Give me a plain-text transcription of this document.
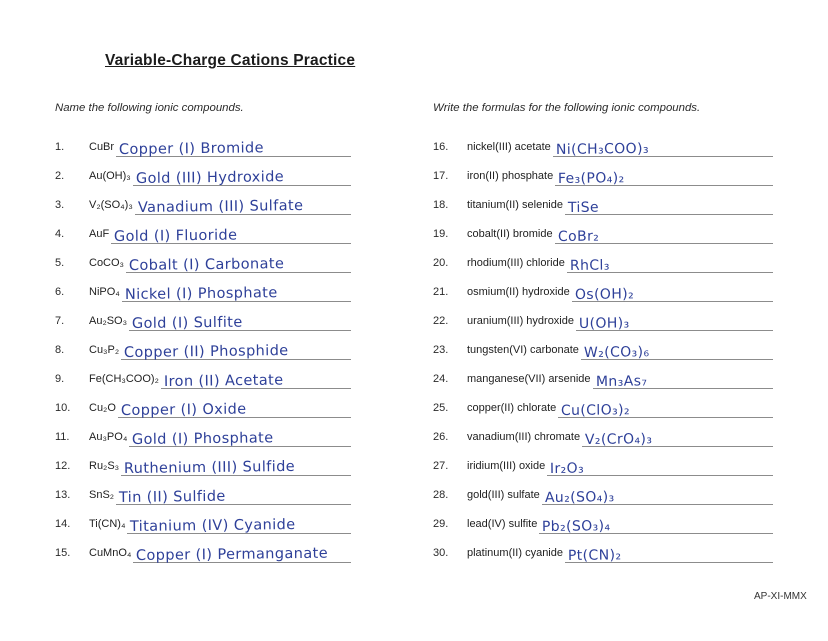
Variable-Charge Cations Practice
Name the following ionic compounds.	Write the formulas for the following ionic compounds.
1.	CuBr Copper (I) Bromide
2.	Au(OH)₃ Gold (III) Hydroxide
3.	V₂(SO₄)₃ Vanadium (III) Sulfate
4.	AuF Gold (I) Fluoride
5.	CoCO₃ Cobalt (I) Carbonate
6.	NiPO₄ Nickel (I) Phosphate
7.	Au₂SO₃ Gold (I) Sulfite
8.	Cu₃P₂ Copper (II) Phosphide
9.	Fe(CH₃COO)₂ Iron (II) Acetate
10.	Cu₂O Copper (I) Oxide
11.	Au₃PO₄ Gold (I) Phosphate
12.	Ru₂S₃ Ruthenium (III) Sulfide
13.	SnS₂ Tin (II) Sulfide
14.	Ti(CN)₄ Titanium (IV) Cyanide
15.	CuMnO₄ Copper (I) Permanganate
16.	nickel(III) acetate Ni(CH₃COO)₃
17.	iron(II) phosphate Fe₃(PO₄)₂
18.	titanium(II) selenide TiSe
19.	cobalt(II) bromide CoBr₂
20.	rhodium(III) chloride RhCl₃
21.	osmium(II) hydroxide Os(OH)₂
22.	uranium(III) hydroxide U(OH)₃
23.	tungsten(VI) carbonate W₂(CO₃)₆
24.	manganese(VII) arsenide Mn₃As₇
25.	copper(II) chlorate Cu(ClO₃)₂
26.	vanadium(III) chromate V₂(CrO₄)₃
27.	iridium(III) oxide Ir₂O₃
28.	gold(III) sulfate Au₂(SO₄)₃
29.	lead(IV) sulfite Pb₂(SO₃)₄
30.	platinum(II) cyanide Pt(CN)₂
AP-XI-MMX
